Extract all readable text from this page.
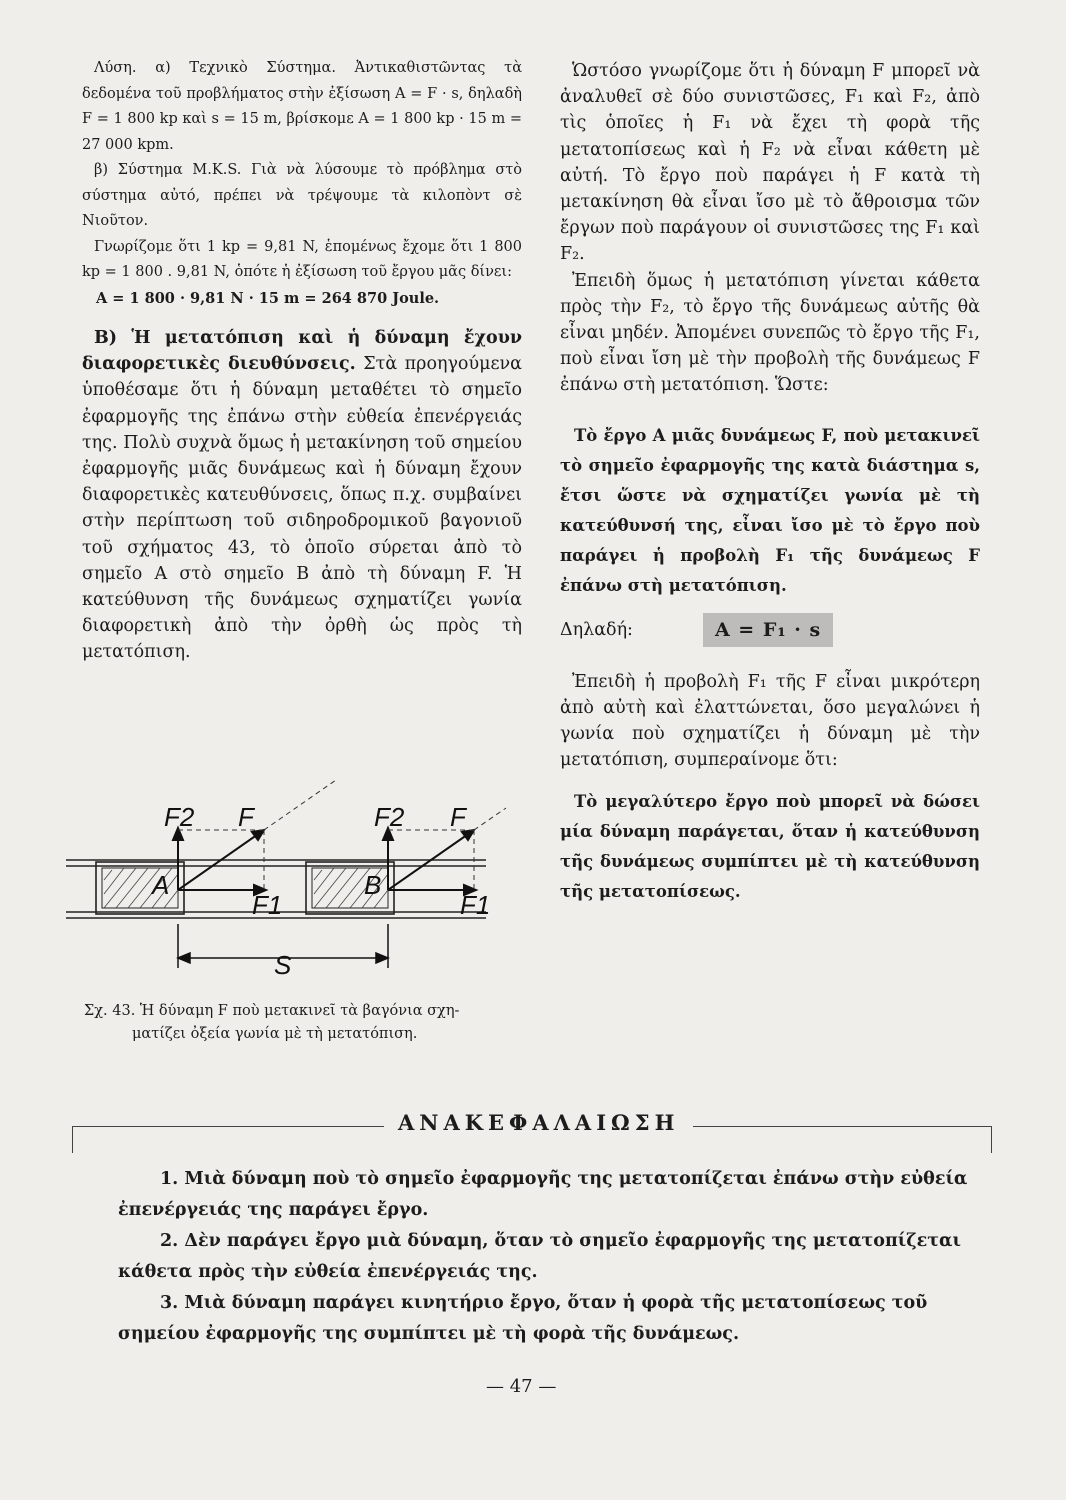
Λύση. α) Τεχνικὸ Σύστημα. Ἀντικαθιστῶντας τὰ δεδομένα τοῦ προβλήματος στὴν ἐξίσωση A = F · s, δηλαδὴ F = 1 800 kp καὶ s = 15 m, βρίσκομε A = 1 800 kp · 15 m = 27 000 kpm.

β) Σύστημα M.K.S. Γιὰ νὰ λύσουμε τὸ πρόβλημα στὸ σύστημα αὐτό, πρέπει νὰ τρέψουμε τὰ κιλοπὸντ σὲ Νιοῦτον.

Γνωρίζομε ὅτι 1 kp = 9,81 N, ἑπομένως ἔχομε ὅτι 1 800 kp = 1 800 . 9,81 N, ὁπότε ἡ ἐξίσωση τοῦ ἔργου μᾶς δίνει:

A = 1 800 · 9,81 N · 15 m = 264 870 Joule.

B) Ἡ μετατόπιση καὶ ἡ δύναμη ἔχουν διαφορετικὲς διευθύνσεις. Στὰ προηγούμενα ὑποθέσαμε ὅτι ἡ δύναμη μεταθέτει τὸ σημεῖο ἐφαρμογῆς της ἐπάνω στὴν εὐθεία ἐπενέργειάς της. Πολὺ συχνὰ ὅμως ἡ μετακίνηση τοῦ σημείου ἐφαρμογῆς μιᾶς δυνάμεως καὶ ἡ δύναμη ἔχουν διαφορετικὲς κατευθύνσεις, ὅπως π.χ. συμβαίνει στὴν περίπτωση τοῦ σιδηροδρομικοῦ βαγονιοῦ τοῦ σχήματος 43, τὸ ὁποῖο σύρεται ἀπὸ τὸ σημεῖο A στὸ σημεῖο B ἀπὸ τὴ δύναμη F. Ἡ κατεύθυνση τῆς δυνάμεως σχηματίζει γωνία διαφορετικὴ ἀπὸ τὴν ὀρθὴ ὡς πρὸς τὴ μετατόπιση.

F2 F
A
F1
F2 F
B
F1
S
Σχ. 43. Ἡ δύναμη F ποὺ μετακινεῖ τὰ βαγόνια σχη-
ματίζει ὀξεία γωνία μὲ τὴ μετατόπιση.

Ὡστόσο γνωρίζομε ὅτι ἡ δύναμη F μπορεῖ νὰ ἀναλυθεῖ σὲ δύο συνιστῶσες, F₁ καὶ F₂, ἀπὸ τὶς ὁποῖες ἡ F₁ νὰ ἔχει τὴ φορὰ τῆς μετατοπίσεως καὶ ἡ F₂ νὰ εἶναι κάθετη μὲ αὐτή. Τὸ ἔργο ποὺ παράγει ἡ F κατὰ τὴ μετακίνηση θὰ εἶναι ἴσο μὲ τὸ ἄθροισμα τῶν ἔργων ποὺ παράγουν οἱ συνιστῶσες της F₁ καὶ F₂.

Ἐπειδὴ ὅμως ἡ μετατόπιση γίνεται κάθετα πρὸς τὴν F₂, τὸ ἔργο τῆς δυνάμεως αὐτῆς θὰ εἶναι μηδέν. Ἀπομένει συνεπῶς τὸ ἔργο τῆς F₁, ποὺ εἶναι ἴση μὲ τὴν προβολὴ τῆς δυνάμεως F ἐπάνω στὴ μετατόπιση. Ὥστε:

Τὸ ἔργο A μιᾶς δυνάμεως F, ποὺ μετακινεῖ τὸ σημεῖο ἐφαρμογῆς της κατὰ διάστημα s, ἔτσι ὥστε νὰ σχηματίζει γωνία μὲ τὴ κατεύθυνσή της, εἶναι ἴσο μὲ τὸ ἔργο ποὺ παράγει ἡ προβολὴ F₁ τῆς δυνάμεως F ἐπάνω στὴ μετατόπιση.

Δηλαδή:	A = F₁ · s

Ἐπειδὴ ἡ προβολὴ F₁ τῆς F εἶναι μικρότερη ἀπὸ αὐτὴ καὶ ἐλαττώνεται, ὅσο μεγαλώνει ἡ γωνία ποὺ σχηματίζει ἡ δύναμη μὲ τὴν μετατόπιση, συμπεραίνομε ὅτι:

Τὸ μεγαλύτερο ἔργο ποὺ μπορεῖ νὰ δώσει μία δύναμη παράγεται, ὅταν ἡ κατεύθυνση τῆς δυνάμεως συμπίπτει μὲ τὴ κατεύθυνση τῆς μετατοπίσεως.

ΑΝΑΚΕΦΑΛΑΙΩΣΗ

1. Μιὰ δύναμη ποὺ τὸ σημεῖο ἐφαρμογῆς της μετατοπίζεται ἐπάνω στὴν εὐθεία ἐπενέργειάς της παράγει ἔργο.

2. Δὲν παράγει ἔργο μιὰ δύναμη, ὅταν τὸ σημεῖο ἐφαρμογῆς της μετατοπίζεται κάθετα πρὸς τὴν εὐθεία ἐπενέργειάς της.

3. Μιὰ δύναμη παράγει κινητήριο ἔργο, ὅταν ἡ φορὰ τῆς μετατοπίσεως τοῦ σημείου ἐφαρμογῆς της συμπίπτει μὲ τὴ φορὰ τῆς δυνάμεως.

— 47 —
